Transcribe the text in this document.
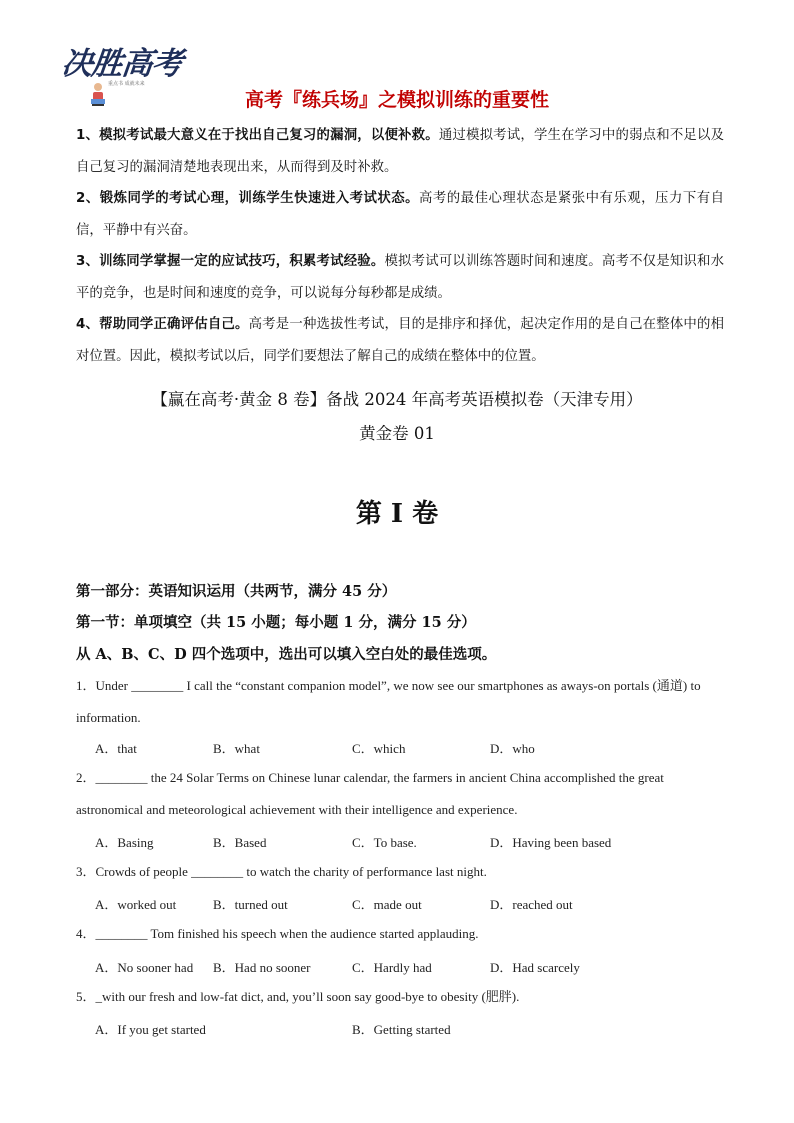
决胜高考
重点书 成就未来
高考『练兵场』之模拟训练的重要性

1、模拟考试最大意义在于找出自己复习的漏洞，以便补救。通过模拟考试，学生在学习中的弱点和不足以及自己复习的漏洞清楚地表现出来，从而得到及时补救。

2、锻炼同学的考试心理，训练学生快速进入考试状态。高考的最佳心理状态是紧张中有乐观，压力下有自信，平静中有兴奋。

3、训练同学掌握一定的应试技巧，积累考试经验。模拟考试可以训练答题时间和速度。高考不仅是知识和水平的竞争，也是时间和速度的竞争，可以说每分每秒都是成绩。

4、帮助同学正确评估自己。高考是一种选拔性考试，目的是排序和择优，起决定作用的是自己在整体中的相对位置。因此，模拟考试以后，同学们要想法了解自己的成绩在整体中的位置。

【赢在高考·黄金 8 卷】备战 2024 年高考英语模拟卷（天津专用）
黄金卷 01
第 I 卷
第一部分：英语知识运用（共两节，满分 45 分）
第一节：单项填空（共 15 小题；每小题 1 分，满分 15 分）
从 A、B、C、D 四个选项中，选出可以填入空白处的最佳选项。

1．Under ________ I call the “constant companion model”, we now see our smartphones as aways-on portals (通道) to information.

A．that	B．what	C．which	D．who

2．________ the 24 Solar Terms on Chinese lunar calendar, the farmers in ancient China accomplished the great astronomical and meteorological achievement with their intelligence and experience.

A．Basing	B．Based	C．To base.	D．Having been based

3．Crowds of people ________ to watch the charity of performance last night.

A．worked out	B．turned out	C．made out	D．reached out

4．________ Tom finished his speech when the audience started applauding.

A．No sooner had B．Had no sooner	C．Hardly had	D．Had scarcely

5．_with our fresh and low-fat dict, and, you’ll soon say good-bye to obesity (肥胖).

A．If you get started	B．Getting started
